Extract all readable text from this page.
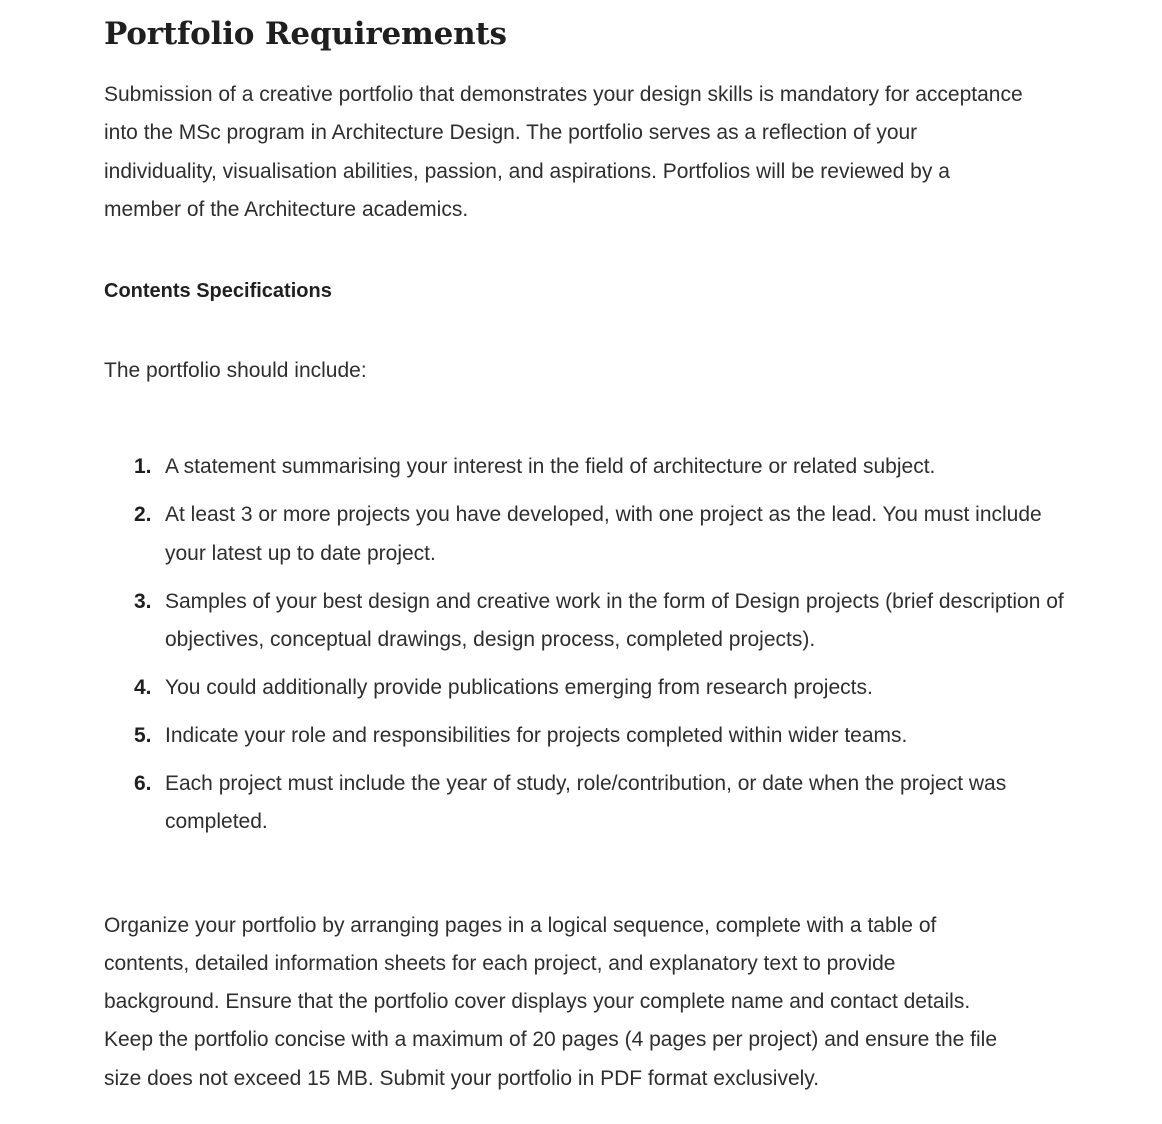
Portfolio Requirements

Submission of a creative portfolio that demonstrates your design skills is mandatory for acceptance into the MSc program in Architecture Design. The portfolio serves as a reflection of your individuality, visualisation abilities, passion, and aspirations. Portfolios will be reviewed by a member of the Architecture academics.

Contents Specifications

The portfolio should include:

1. A statement summarising your interest in the field of architecture or related subject.
2. At least 3 or more projects you have developed, with one project as the lead. You must include your latest up to date project.
3. Samples of your best design and creative work in the form of Design projects (brief description of objectives, conceptual drawings, design process, completed projects).
4. You could additionally provide publications emerging from research projects.
5. Indicate your role and responsibilities for projects completed within wider teams.
6. Each project must include the year of study, role/contribution, or date when the project was completed.

Organize your portfolio by arranging pages in a logical sequence, complete with a table of contents, detailed information sheets for each project, and explanatory text to provide background. Ensure that the portfolio cover displays your complete name and contact details. Keep the portfolio concise with a maximum of 20 pages (4 pages per project) and ensure the file size does not exceed 15 MB. Submit your portfolio in PDF format exclusively.
